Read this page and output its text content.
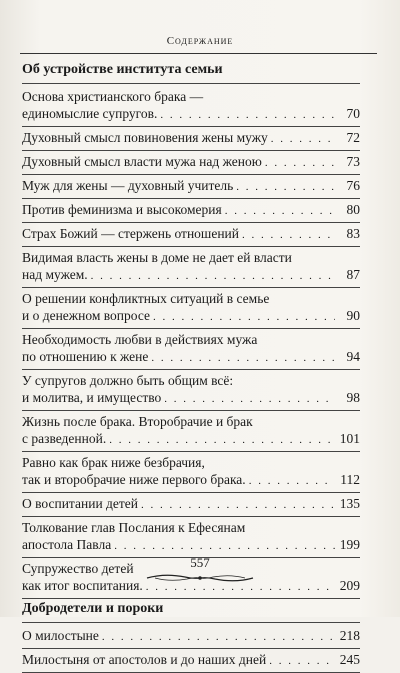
Содержание
Об устройстве института семьи
Основа христианского брака —
единомыслие супругов. . . .	70
Духовный смысл повиновения жены мужу . . .	72
Духовный смысл власти мужа над женою . . .	73
Муж для жены — духовный учитель . . .	76
Против феминизма и высокомерия . . .	80
Страх Божий — стержень отношений . . .	83
Видимая власть жены в доме не дает ей власти
над мужем. . . .	87
О решении конфликтных ситуаций в семье
и о денежном вопросе . . .	90
Необходимость любви в действиях мужа
по отношению к жене . . .	94
У супругов должно быть общим всё:
и молитва, и имущество . . .	98
Жизнь после брака. Второбрачие и брак
с разведенной. . . .	101
Равно как брак ниже безбрачия,
так и второбрачие ниже первого брака. . . .	112
О воспитании детей . . .	135
Толкование глав Послания к Ефесянам
апостола Павла . . .	199
Супружество детей
как итог воспитания. . . .	209
Добродетели и пороки
О милостыне . . .	218
Милостыня от апостолов и до наших дней . . .	245
557
